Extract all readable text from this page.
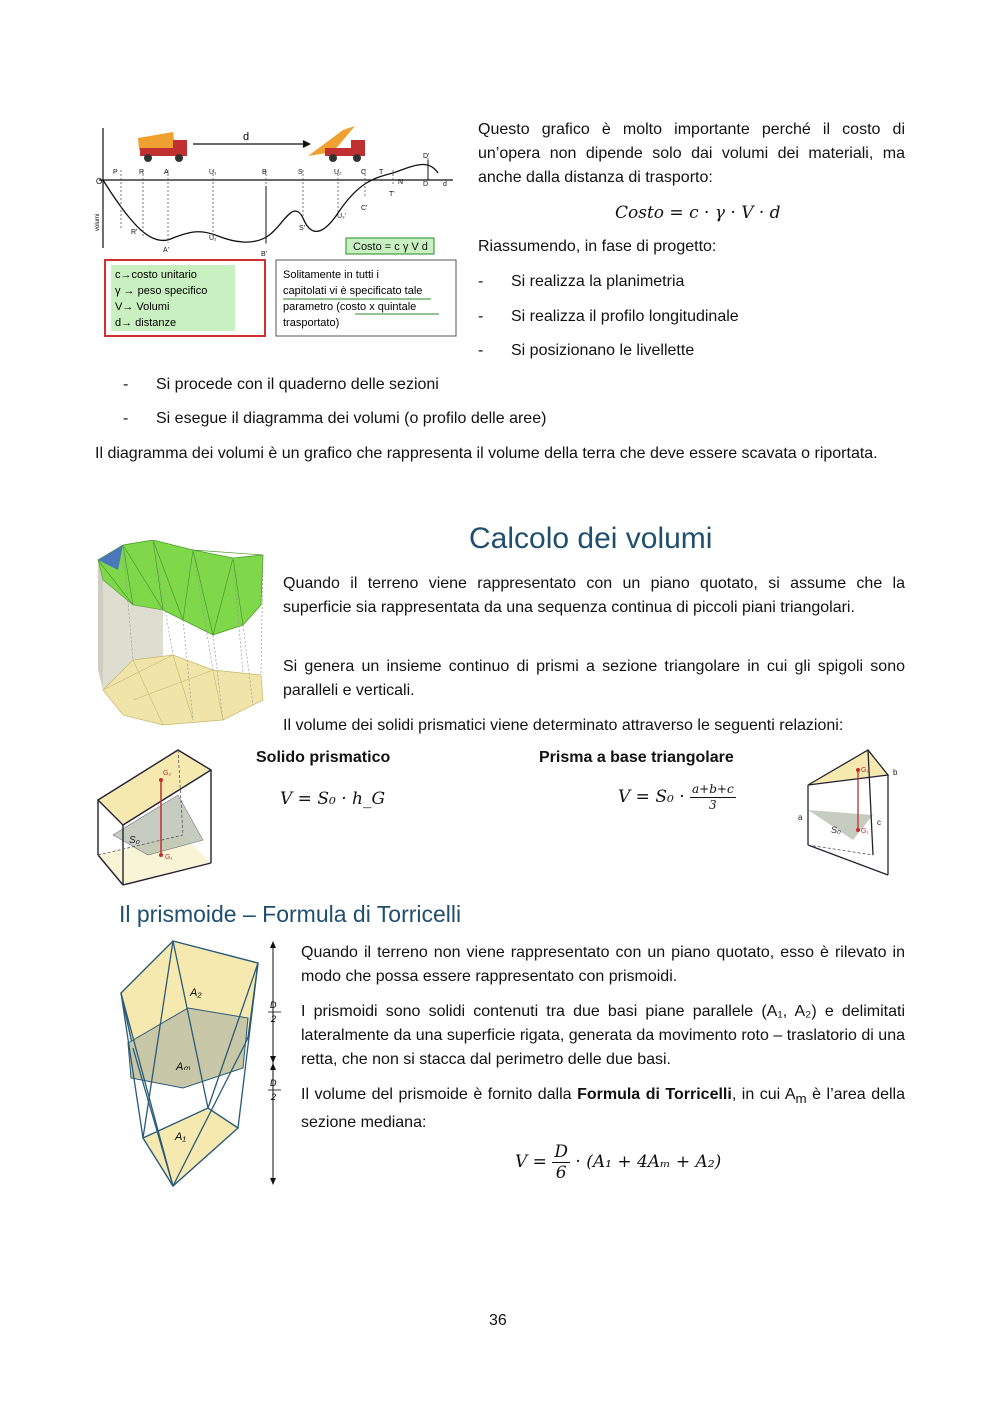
d
O
P	R	A	U₁	B	S	U₂	C T
N	D d
R'
A'
U₁'
B'
S'
U₂'
C'
T'
D'
volumi
Costo = c γ V d
c→costo unitario
γ → peso specifico
V→ Volumi
d→ distanze
Solitamente in tutti i
capitolati vi è specificato tale
parametro (costo x quintale
trasportato)

Questo grafico è molto importante perché il costo di un’opera non dipende solo dai volumi dei materiali, ma anche dalla distanza di trasporto:

Costo = c · γ · V · d
Riassumendo, in fase di progetto:
- Si realizza la planimetria
- Si realizza il profilo longitudinale
- Si posizionano le livellette
- Si procede con il quaderno delle sezioni
- Si esegue il diagramma dei volumi (o profilo delle aree)

Il diagramma dei volumi è un grafico che rappresenta il volume della terra che deve essere scavata o riportata.

Calcolo dei volumi

Quando il terreno viene rappresentato con un piano quotato, si assume che la superficie sia rappresentata da una sequenza continua di piccoli piani triangolari.

Si genera un insieme continuo di prismi a sezione triangolare in cui gli spigoli sono paralleli e verticali.

Il volume dei solidi prismatici viene determinato attraverso le seguenti relazioni:

Solido prismatico
V = S₀ · h_G
Prisma a base triangolare
$V = S_0 \cdot \frac{a+b+c}{3}$
G₂
G₁
S₀
G₂
G₁
S₀
a
b
c
Il prismoide – Formula di Torricelli
A₂
Aₘ
A₁
D
2
D
2

Quando il terreno non viene rappresentato con un piano quotato, esso è rilevato in modo che possa essere rappresentato con prismoidi.

I prismoidi sono solidi contenuti tra due basi piane parallele (A₁, A₂) e delimitati lateralmente da una superficie rigata, generata da movimento roto – traslatorio di una retta, che non si stacca dal perimetro delle due basi.

Il volume del prismoide è fornito dalla Formula di Torricelli, in cui $A_m$ è l’area della sezione mediana:

$V = \frac{D}{6} \cdot (A_1 + 4A_m + A_2)$
36
